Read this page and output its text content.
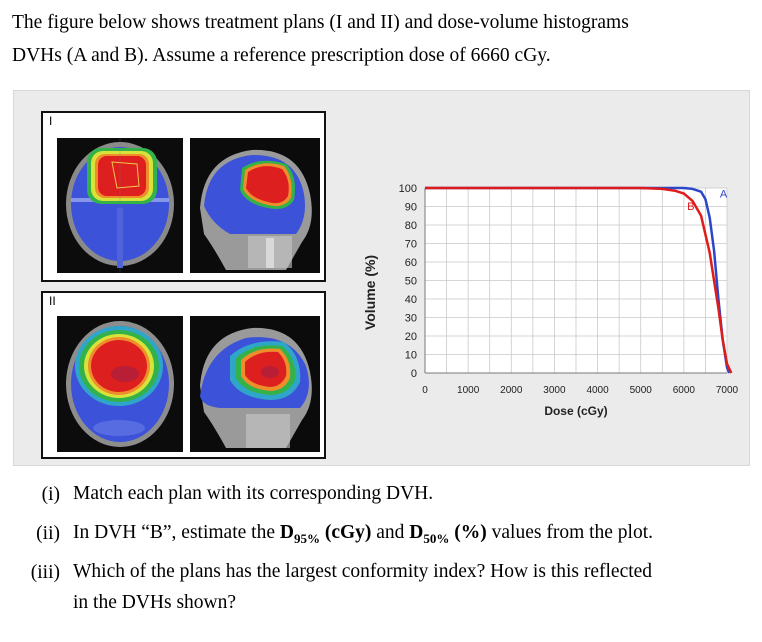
The figure below shows treatment plans (I and II) and dose-volume histograms
DVHs (A and B). Assume a reference prescription dose of 6660 cGy.
I
II
0
10
20
30
40
50
60
70
80
90
100
0	1000 2000 3000 4000 5000 6000 7000
A
B
Dose (cGy)
Volume (%)
(i) Match each plan with its corresponding DVH.
(ii) In DVH “B”, estimate the $D_{95\%}$ (cGy) and $D_{50\%}$ (%) values from the plot.
(iii) Which of the plans has the largest conformity index? How is this reflected
in the DVHs shown?
